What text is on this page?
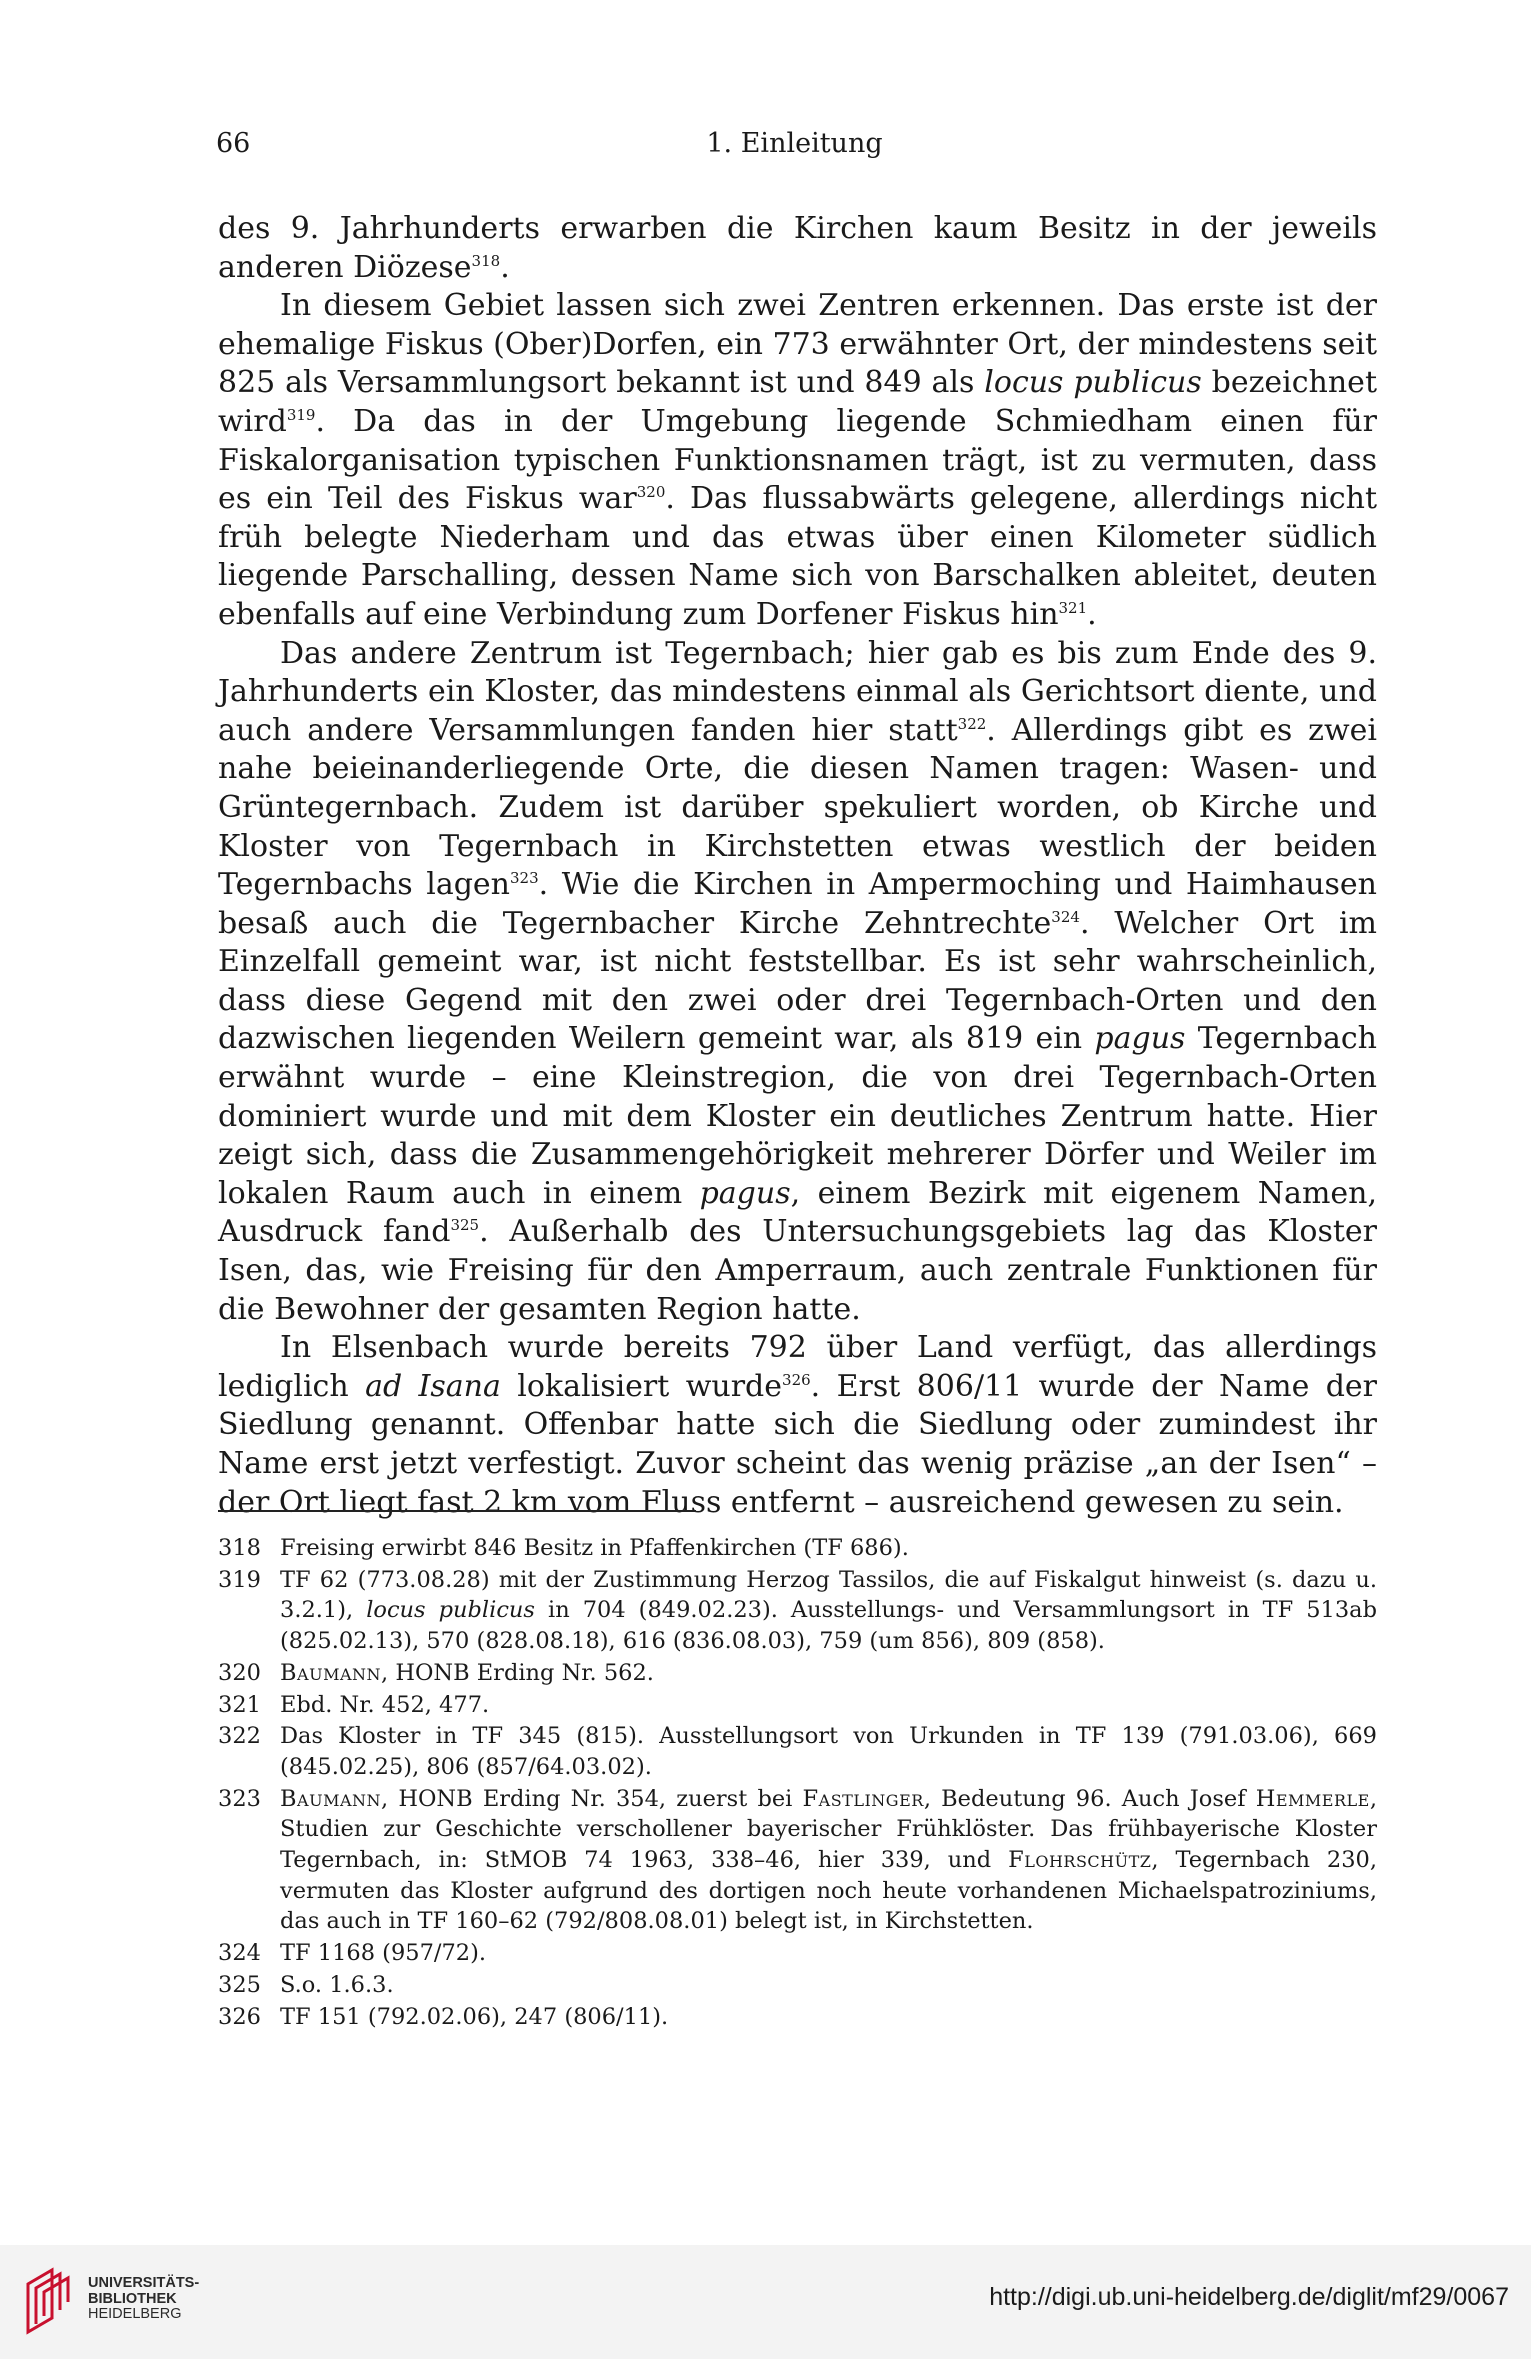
66	1. Einleitung

des 9. Jahrhunderts erwarben die Kirchen kaum Besitz in der jeweils anderen Diözese$^{318}$.

In diesem Gebiet lassen sich zwei Zentren erkennen. Das erste ist der ehemalige Fiskus (Ober)Dorfen, ein 773 erwähnter Ort, der mindestens seit 825 als Versammlungsort bekannt ist und 849 als locus publicus bezeichnet wird$^{319}$. Da das in der Umgebung liegende Schmiedham einen für Fiskalorganisation typischen Funktionsnamen trägt, ist zu vermuten, dass es ein Teil des Fiskus war$^{320}$. Das flussabwärts gelegene, allerdings nicht früh belegte Niederham und das etwas über einen Kilometer südlich liegende Parschalling, dessen Name sich von Barschalken ableitet, deuten ebenfalls auf eine Verbindung zum Dorfener Fiskus hin$^{321}$.

Das andere Zentrum ist Tegernbach; hier gab es bis zum Ende des 9. Jahrhunderts ein Kloster, das mindestens einmal als Gerichtsort diente, und auch andere Versammlungen fanden hier statt$^{322}$. Allerdings gibt es zwei nahe beieinanderliegende Orte, die diesen Namen tragen: Wasen- und Grüntegernbach. Zudem ist darüber spekuliert worden, ob Kirche und Kloster von Tegernbach in Kirchstetten etwas westlich der beiden Tegernbachs lagen$^{323}$. Wie die Kirchen in Ampermoching und Haimhausen besaß auch die Tegernbacher Kirche Zehntrechte$^{324}$. Welcher Ort im Einzelfall gemeint war, ist nicht feststellbar. Es ist sehr wahrscheinlich, dass diese Gegend mit den zwei oder drei Tegernbach-Orten und den dazwischen liegenden Weilern gemeint war, als 819 ein pagus Tegernbach erwähnt wurde – eine Kleinstregion, die von drei Tegernbach-Orten dominiert wurde und mit dem Kloster ein deutliches Zentrum hatte. Hier zeigt sich, dass die Zusammengehörigkeit mehrerer Dörfer und Weiler im lokalen Raum auch in einem pagus, einem Bezirk mit eigenem Namen, Ausdruck fand$^{325}$. Außerhalb des Untersuchungsgebiets lag das Kloster Isen, das, wie Freising für den Amperraum, auch zentrale Funktionen für die Bewohner der gesamten Region hatte.

In Elsenbach wurde bereits 792 über Land verfügt, das allerdings lediglich ad Isana lokalisiert wurde$^{326}$. Erst 806/11 wurde der Name der Siedlung genannt. Offenbar hatte sich die Siedlung oder zumindest ihr Name erst jetzt verfestigt. Zuvor scheint das wenig präzise „an der Isen“ – der Ort liegt fast 2 km vom Fluss entfernt – ausreichend gewesen zu sein.

318 Freising erwirbt 846 Besitz in Pfaffenkirchen (TF 686).
319 TF 62 (773.08.28) mit der Zustimmung Herzog Tassilos, die auf Fiskalgut hinweist (s. dazu u. 3.2.1), locus publicus in 704 (849.02.23). Ausstellungs- und Versammlungsort in TF 513ab (825.02.13), 570 (828.08.18), 616 (836.08.03), 759 (um 856), 809 (858).
320 Baumann, HONB Erding Nr. 562.
321 Ebd. Nr. 452, 477.
322 Das Kloster in TF 345 (815). Ausstellungsort von Urkunden in TF 139 (791.03.06), 669 (845.02.25), 806 (857/64.03.02).
323 Baumann, HONB Erding Nr. 354, zuerst bei Fastlinger, Bedeutung 96. Auch Josef Hemmerle, Studien zur Geschichte verschollener bayerischer Frühklöster. Das frühbayerische Kloster Tegernbach, in: StMOB 74 1963, 338–46, hier 339, und Flohrschütz, Tegernbach 230, vermuten das Kloster aufgrund des dortigen noch heute vorhandenen Michaelspatroziniums, das auch in TF 160–62 (792/808.08.01) belegt ist, in Kirchstetten.
324 TF 1168 (957/72).
325 S.o. 1.6.3.
326 TF 151 (792.02.06), 247 (806/11).
UNIVERSITÄTS-
BIBLIOTHEK
HEIDELBERG
http://digi.ub.uni-heidelberg.de/diglit/mf29/0067
